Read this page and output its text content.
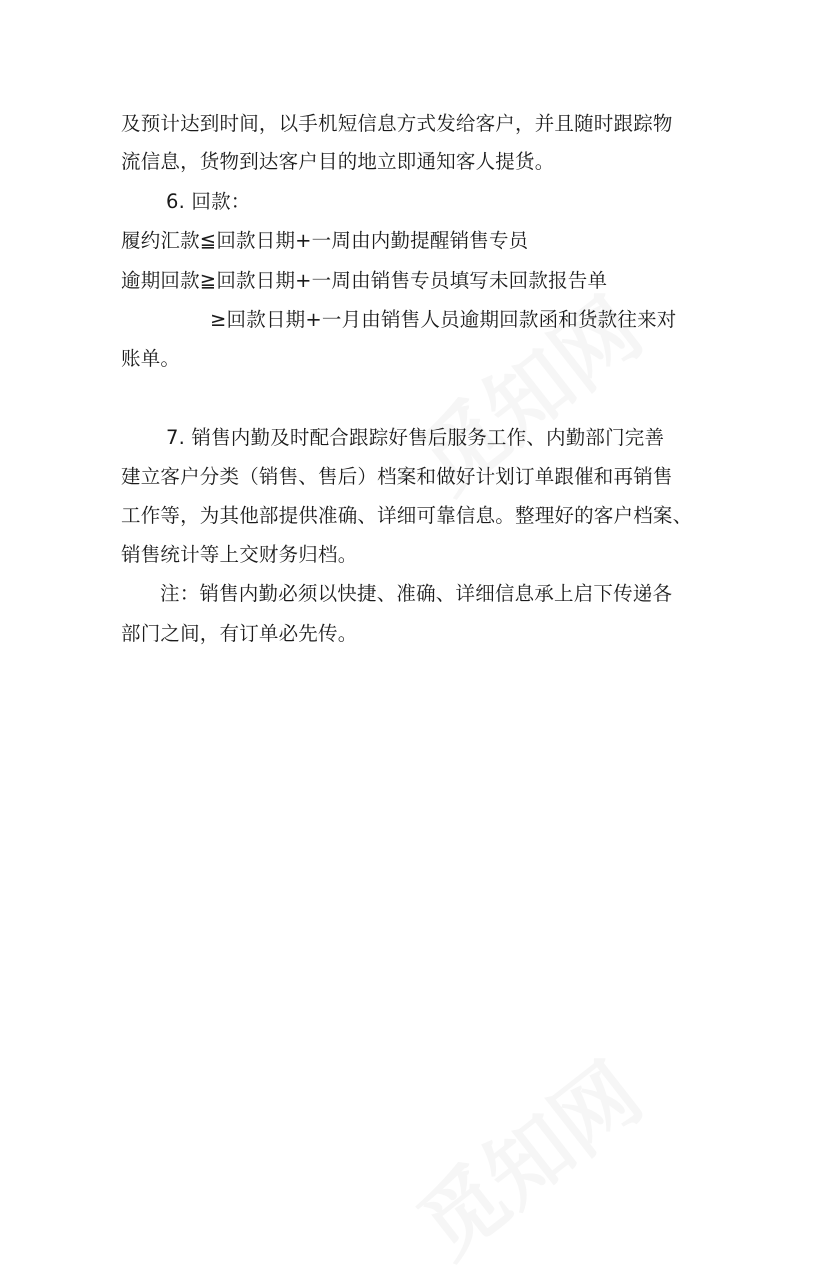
及预计达到时间，以手机短信息方式发给客户，并且随时跟踪物
流信息，货物到达客户目的地立即通知客人提货。
6. 回款：
履约汇款≦回款日期+一周由内勤提醒销售专员
逾期回款≧回款日期+一周由销售专员填写未回款报告单
≥回款日期+一月由销售人员逾期回款函和货款往来对
账单。
7. 销售内勤及时配合跟踪好售后服务工作、内勤部门完善
建立客户分类（销售、售后）档案和做好计划订单跟催和再销售
工作等，为其他部提供准确、详细可靠信息。整理好的客户档案、
销售统计等上交财务归档。
注：销售内勤必须以快捷、准确、详细信息承上启下传递各
部门之间，有订单必先传。
